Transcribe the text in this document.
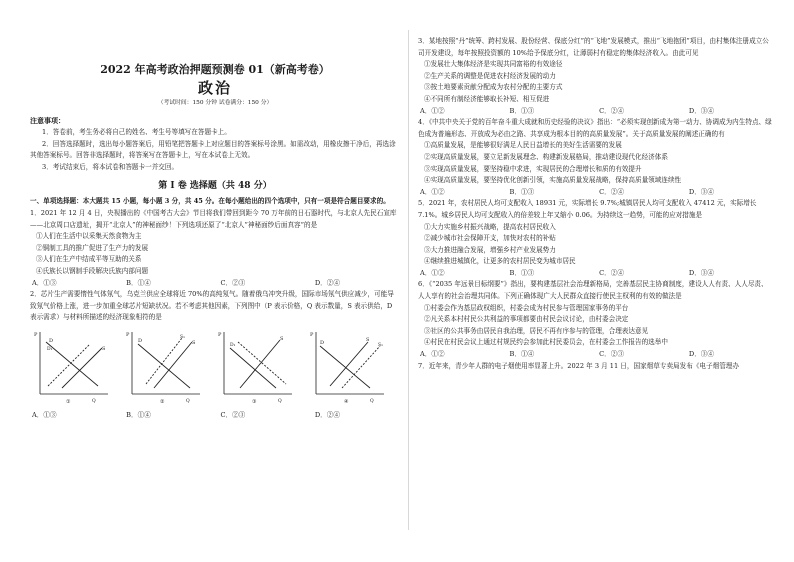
2022 年高考政治押题预测卷 01（新高考卷）
政治
（考试时间：150 分钟 试卷满分：150 分）
注意事项：

1．答卷前，考生务必将自己的姓名、考生号等填写在答题卡上。

2．回答选择题时，选出每小题答案后，用铅笔把答题卡上对应题目的答案标号涂黑。如需改动，用橡皮擦干净后，再选涂其他答案标号。回答非选择题时，将答案写在答题卡上，写在本试卷上无效。

3．考试结束后，将本试卷和答题卡一并交回。

第 Ⅰ 卷 选择题（共 48 分）
一、单项选择题：本大题共 15 小题，每小题 3 分，共 45 分。在每小题给出的四个选项中，只有一项是符合题目要求的。
1．2021 年 12 月 4 日，央视播出的《中国考古大会》节目将我们带回到距今 70 万年前的日石器时代，与北京人先民石宣库——北京周口店遗址，揭开“北京人”的神秘面纱！下列选项还原了“北京人”神秘面纱后面真容”的是
①人们在生活中以采集天然食物为主
②铜制工具的推广促进了生产力的发展
③人们在生产中结成平等互助的关系
④氏族长以钢制手段解决氏族内部问题
A．①③	B．①④	C．②③	D．②④
2．芯片生产需要惰性气体氖气，乌克兰供应全球将近 70%的高纯氖气。随着俄乌冲突升级，国际市场氖气供应减少，可能导致氖气价格上涨，进一步加重全球芯片短缺状况。若不考虑其他因素，下列图中（P 表示价格，Q 表示数量，S 表示供给，D 表示需求）与材料所描述的经济现象相符的是
P
Q
D
S
D₁
①
P
Q
D
S₁
S
②
P
Q
D₁
S
③
P
Q
D	S
S₁
④
A．①③	B．①④	C．②③	D．②④
3．某地按照“丹”统筹、跨村发展、股份经营、保底分红”的“飞地”发展模式，推出“飞地抱团”项目，由村集体注册成立公司开发建设，每年按照投资额的 10%给予保底分红，让薄弱村有稳定的集体经济收入。由此可见
①发展壮大集体经济是实现共同富裕的有效途径
②生产关系的调整是促进农村经济发展的动力
③按土地要素贡献分配成为农村分配的主要方式
④不同所有制经济能够取长补短、相互促进
A．①②	B．①③	C．②④	D．③④
4．《中共中央关于党的百年奋斗重大成就和历史经验的决议》指出：“必须实现创新成为第一动力、协调成为内生特点、绿色成为普遍形态、开放成为必由之路、共享成为根本目的的高质量发展”。关于高质量发展的阐述正确的有
①高质量发展，是能够很好满足人民日益增长的美好生活需要的发展
②实现高质量发展，要立足新发展理念、构建新发展格局，推动建设现代化经济体系
③实现高质量发展，要坚持稳中求进，实现居民的合理增长和质的有效提升
④实现高质量发展，要坚持优化创新引领，实施高质量发展战略，保持高质量领域连续性
A．①②	B．①③	C．②④	D．③④
5．2021 年，农村居民人均可支配收入 18931 元，实际增长 9.7%;城镇居民人均可支配收入 47412 元，实际增长 7.1%。城乡居民人均可支配收入的倍差较上年又缩小 0.06。为持续这一趋势，可能的应对措施是
①大力实施乡村振兴战略，提高农村居民收入
②减少城市社会保障开支，加快对农村的补贴
③大力推进融合发展，增强乡村产业发展势力
④继续推进城镇化，让更多的农村居民变为城市居民
A．①②	B．①③	C．②④	D．③④
6．《“2035 年远景目标纲要”》指出，要构建基层社会治理新格局，完善基层民主协商制度，建设人人有责、人人尽责、人人享有的社会治理共同体。下列正确体现广大人民群众直接行使民主权利的有效的做法是
①村委会作为基层政权组织，村委会成为村民参与管理国家事务的平台
②凡关系本村村民公共利益的事项都要由村民会议讨论，由村委会决定
③社区的公共事务由居民自我治理，居民不再有序参与的管理，合理表达意见
④村民在村民会议上通过村规民约会参加此村民委员会，在村委会工作报告的选举中
A．①②	B．①④	C．②③	D．③④
7．近年来，青少年人群的电子烟使用率显著上升。2022 年 3 月 11 日，国家烟草专卖局发布《电子烟管理办
